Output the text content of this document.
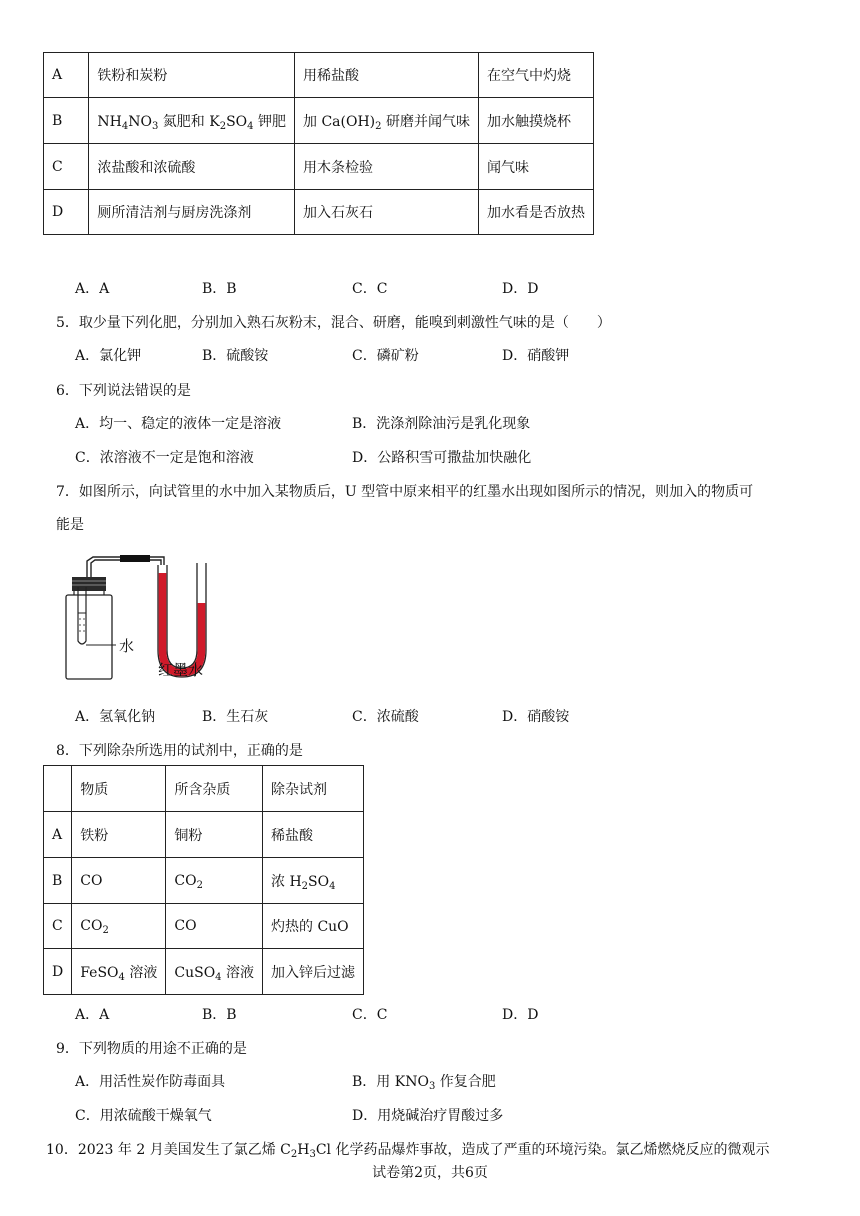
A	铁粉和炭粉	用稀盐酸	在空气中灼烧
B	$NH_4NO_3$ 氮肥和 $K_2SO_4$ 钾肥	加 $Ca(OH)_2$ 研磨并闻气味	加水触摸烧杯
C	浓盐酸和浓硫酸	用木条检验	闻气味
D	厕所清洁剂与厨房洗涤剂	加入石灰石	加水看是否放热
A．A	B．B	C．C	D．D
5．取少量下列化肥，分别加入熟石灰粉末，混合、研磨，能嗅到刺激性气味的是（　　）
A．氯化钾	B．硫酸铵	C．磷矿粉	D．硝酸钾
6．下列说法错误的是
A．均一、稳定的液体一定是溶液	B．洗涤剂除油污是乳化现象
C．浓溶液不一定是饱和溶液	D．公路积雪可撒盐加快融化
7．如图所示，向试管里的水中加入某物质后，U 型管中原来相平的红墨水出现如图所示的情况，则加入的物质可
能是
水
红墨水
A．氢氧化钠	B．生石灰	C．浓硫酸	D．硝酸铵
8．下列除杂所选用的试剂中，正确的是
	物质	所含杂质	除杂试剂
A	铁粉	铜粉	稀盐酸
B	CO	$CO_2$	浓 $H_2SO_4$
C	$CO_2$	CO	灼热的 CuO
D	FeSO$_4$ 溶液	CuSO$_4$ 溶液	加入锌后过滤
A．A	B．B	C．C	D．D
9．下列物质的用途不正确的是
A．用活性炭作防毒面具	B．用 $KNO_3$ 作复合肥
C．用浓硫酸干燥氧气	D．用烧碱治疗胃酸过多
10．2023 年 2 月美国发生了氯乙烯 $C_2H_3Cl$ 化学药品爆炸事故，造成了严重的环境污染。氯乙烯燃烧反应的微观示
试卷第2页，共6页
